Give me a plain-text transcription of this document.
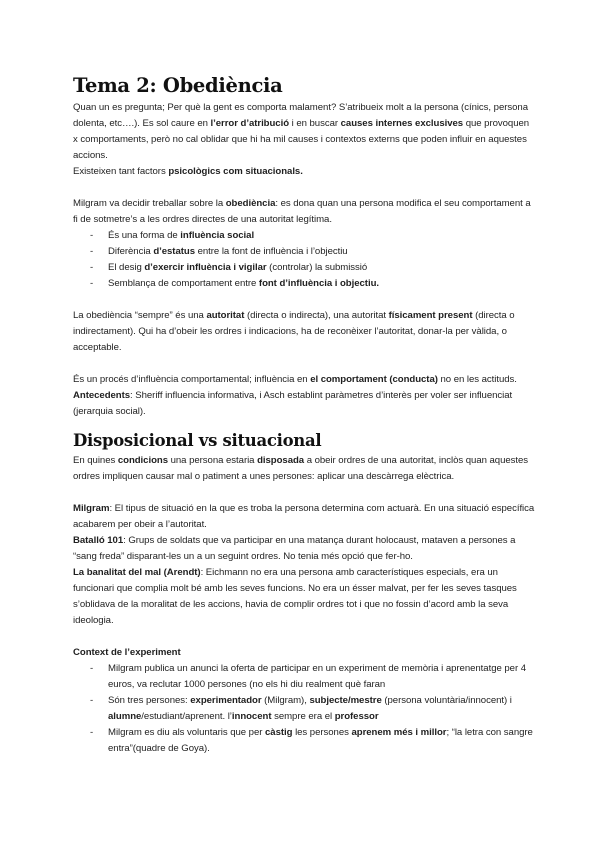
Tema 2: Obediència

Quan un es pregunta; Per què la gent es comporta malament? S’atribueix molt a la persona (cínics, persona dolenta, etc….). Es sol caure en l’error d’atribució i en buscar causes internes exclusives que provoquen x comportaments, però no cal oblidar que hi ha mil causes i contextos externs que poden influir en aquestes accions.

Existeixen tant factors psicològics com situacionals.

Milgram va decidir treballar sobre la obediència: es dona quan una persona modifica el seu comportament a fi de sotmetre’s a les ordres directes de una autoritat legítima.

- És una forma de influència social
- Diferència d’estatus entre la font de influència i l’objectiu
- El desig d’exercir influència i vigilar (controlar) la submissió
- Semblança de comportament entre font d’influència i objectiu.

La obediència “sempre” és una autoritat (directa o indirecta), una autoritat físicament present (directa o indirectament). Qui ha d’obeir les ordres i indicacions, ha de reconèixer l’autoritat, donar-la per vàlida, o acceptable.

És un procés d’influència comportamental; influència en el comportament (conducta) no en les actituds.

Antecedents: Sheriff influencia informativa, i Asch establint paràmetres d’interès per voler ser influenciat (jerarquia social).

Disposicional vs situacional

En quines condicions una persona estaria disposada a obeir ordres de una autoritat, inclòs quan aquestes ordres impliquen causar mal o patiment a unes persones: aplicar una descàrrega elèctrica.

Milgram: El tipus de situació en la que es troba la persona determina com actuarà. En una situació específica acabarem per obeir a l’autoritat.

Batalló 101: Grups de soldats que va participar en una matança durant holocaust, mataven a persones a “sang freda” disparant-les un a un seguint ordres. No tenia més opció que fer-ho.

La banalitat del mal (Arendt): Eichmann no era una persona amb característiques especials, era un funcionari que complia molt bé amb les seves funcions. No era un ésser malvat, per fer les seves tasques s’oblidava de la moralitat de les accions, havia de complir ordres tot i que no fossin d’acord amb la seva ideologia.

Context de l’experiment

- Milgram publica un anunci la oferta de participar en un experiment de memòria i aprenentatge per 4 euros, va reclutar 1000 persones (no els hi diu realment què faran
- Són tres persones: experimentador (Milgram), subjecte/mestre (persona voluntària/innocent) i alumne/estudiant/aprenent. l’innocent sempre era el professor
- Milgram es diu als voluntaris que per càstig les persones aprenem més i millor; “la letra con sangre entra”(quadre de Goya).
